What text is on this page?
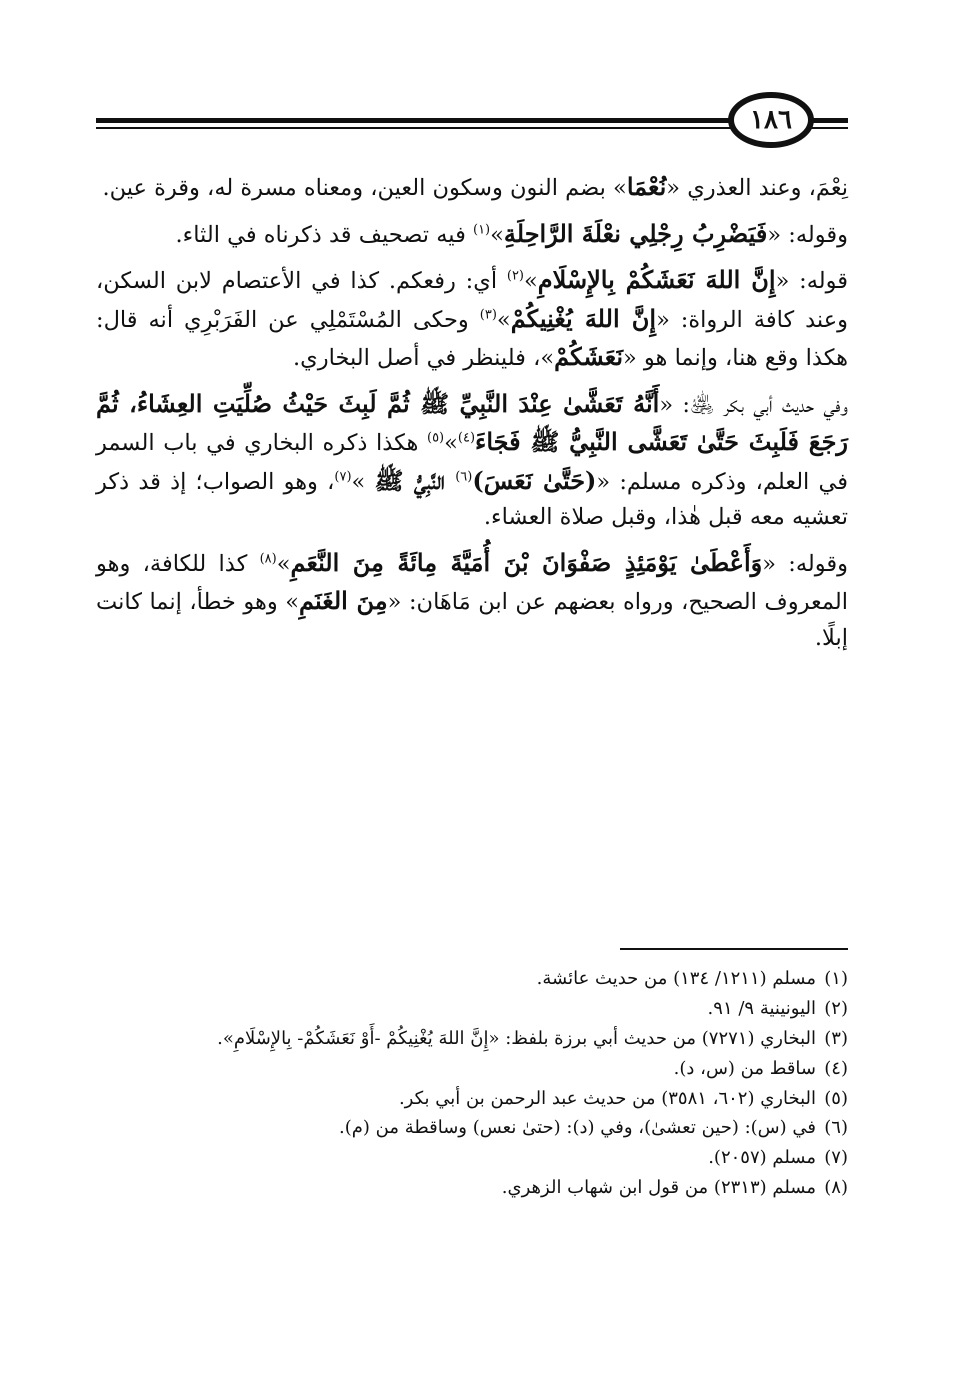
١٨٦

نِعْمَ، وعند العذري «نُعْمَا» بضم النون وسكون العين، ومعناه مسرة له، وقرة عين.

وقوله: «فَيَضْرِبُ رِجْلِي نعْلَةَ الرَّاحِلَةِ»$^{(١)}$ فيه تصحيف قد ذكرناه في الثاء.

قوله: «إِنَّ اللهَ نَعَشَكُمْ بِالإِسْلَامِ»$^{(٢)}$ أي: رفعكم. كذا في الأعتصام لابن السكن، وعند كافة الرواة: «إِنَّ اللهَ يُغْنِيكُمْ»$^{(٣)}$ وحكى المُسْتَمْلِي عن الفَرَبْرِي أنه قال: هكذا وقع هنا، وإنما هو «نَعَشَكُمْ»، فلينظر في أصل البخاري.

وفي حديث أبي بكر ﵁: «أَنَّهُ تَعَشَّىٰ عِنْدَ النَّبِيِّ ﷺ ثُمَّ لَبِثَ حَيْثُ صُلِّيَتِ العِشَاءُ، ثُمَّ رَجَعَ فَلَبِثَ حَتَّىٰ تَعَشَّى النَّبِيُّ ﷺ فَجَاءَ$^{(٤)}$»$^{(٥)}$ هكذا ذكره البخاري في باب السمر في العلم، وذكره مسلم: «(حَتَّىٰ نَعَسَ)$^{(٦)}$ النَّبِيُّ ﷺ »$^{(٧)}$، وهو الصواب؛ إذ قد ذكر تعشيه معه قبل هٰذا، وقبل صلاة العشاء.

وقوله: «وَأَعْطَىٰ يَوْمَئِذٍ صَفْوَانَ بْنَ أُمَيَّةَ مِائَةً مِنَ النَّعَمِ»$^{(٨)}$ كذا للكافة، وهو المعروف الصحيح، ورواه بعضهم عن ابن مَاهَان: «مِنَ الغَنَمِ» وهو خطأ، إنما كانت إبلًا.

(١)
مسلم (١٢١١/ ١٣٤) من حديث عائشة.
(٢)
اليونينية ٩/ ٩١.
(٣)
البخاري (٧٢٧١) من حديث أبي برزة بلفظ: «إِنَّ اللهَ يُغْنِيكُمْ -أَوْ نَعَشَكُمْ- بِالإِسْلَامِ».
(٤)
ساقط من (س، د).
(٥)
البخاري (٦٠٢، ٣٥٨١) من حديث عبد الرحمن بن أبي بكر.
(٦)
في (س): (حين تعشىٰ)، وفي (د): (حتىٰ نعس) وساقطة من (م).
(٧)
مسلم (٢٠٥٧).
(٨)
مسلم (٢٣١٣) من قول ابن شهاب الزهري.
